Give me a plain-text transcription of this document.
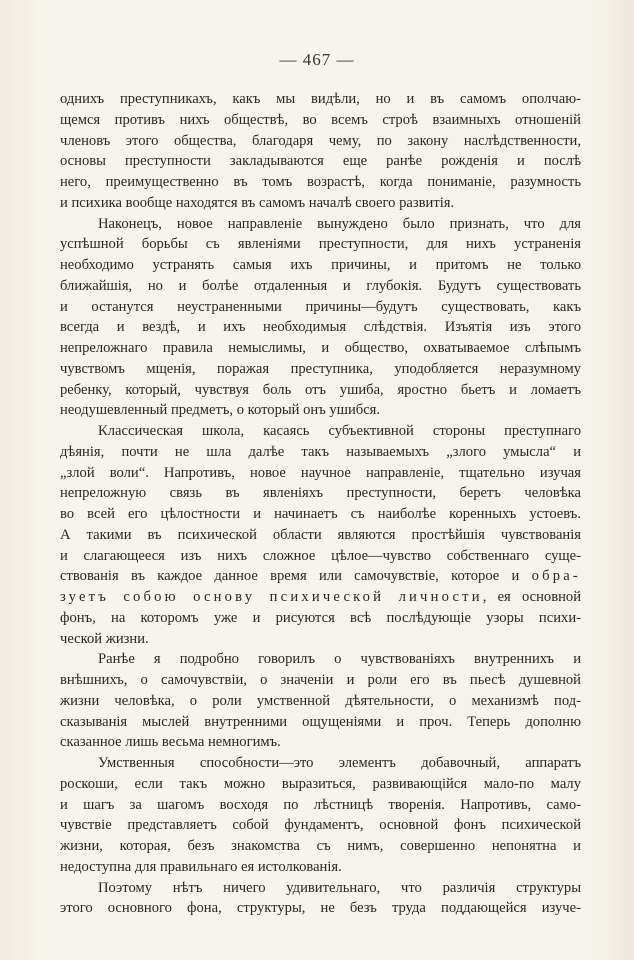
— 467 —
однихъ преступникахъ, какъ мы видѣли, но и въ самомъ ополчаю-
щемся противъ нихъ обществѣ, во всемъ строѣ взаимныхъ отношенiй
членовъ этого общества, благодаря чему, по закону наслѣдственности,
основы преступности закладываются еще ранѣе рожденiя и послѣ
него, преимущественно въ томъ возрастѣ, когда пониманiе, разумность
и психика вообще находятся въ самомъ началѣ своего развитiя.
Наконецъ, новое направленiе вынуждено было признать, что для
успѣшной борьбы съ явленiями преступности, для нихъ устраненiя
необходимо устранять самыя ихъ причины, и притомъ не только
ближайшiя, но и болѣе отдаленныя и глубокiя. Будутъ существовать
и останутся неустраненными причины—будутъ существовать, какъ
всегда и вездѣ, и ихъ необходимыя слѣдствiя. Изъятiя изъ этого
непреложнаго правила немыслимы, и общество, охватываемое слѣпымъ
чувствомъ мщенiя, поражая преступника, уподобляется неразумному
ребенку, который, чувствуя боль отъ ушиба, яростно бьетъ и ломаетъ
неодушевленный предметъ, о который онъ ушибся.
Классическая школа, касаясь субъективной стороны преступнаго
дѣянiя, почти не шла далѣе такъ называемыхъ „злого умысла“ и
„злой воли“. Напротивъ, новое научное направленiе, тщательно изучая
непреложную связь въ явленiяхъ преступности, беретъ человѣка
во всей его цѣлостности и начинаетъ съ наиболѣе коренныхъ устоевъ.
А такими въ психической области являются простѣйшiя чувствованiя
и слагающееся изъ нихъ сложное цѣлое—чувство собственнаго суще-
ствованiя въ каждое данное время или самочувствiе, которое и обра-
зуетъ собою основу психической личности, ея основной
фонъ, на которомъ уже и рисуются всѣ послѣдующiе узоры психи-
ческой жизни.
Ранѣе я подробно говорилъ о чувствованiяхъ внутреннихъ и
внѣшнихъ, о самочувствiи, о значенiи и роли его въ пьесѣ душевной
жизни человѣка, о роли умственной дѣятельности, о механизмѣ под-
сказыванiя мыслей внутренними ощущенiями и проч. Теперь дополню
сказанное лишь весьма немногимъ.
Умственныя способности—это элементъ добавочный, аппаратъ
роскоши, если такъ можно выразиться, развивающiйся мало-по малу
и шагъ за шагомъ восходя по лѣстницѣ творенiя. Напротивъ, само-
чувствiе представляетъ собой фундаментъ, основной фонъ психической
жизни, которая, безъ знакомства съ нимъ, совершенно непонятна и
недоступна для правильнаго ея истолкованiя.
Поэтому нѣтъ ничего удивительнаго, что различiя структуры
этого основного фона, структуры, не безъ труда поддающейся изуче-
